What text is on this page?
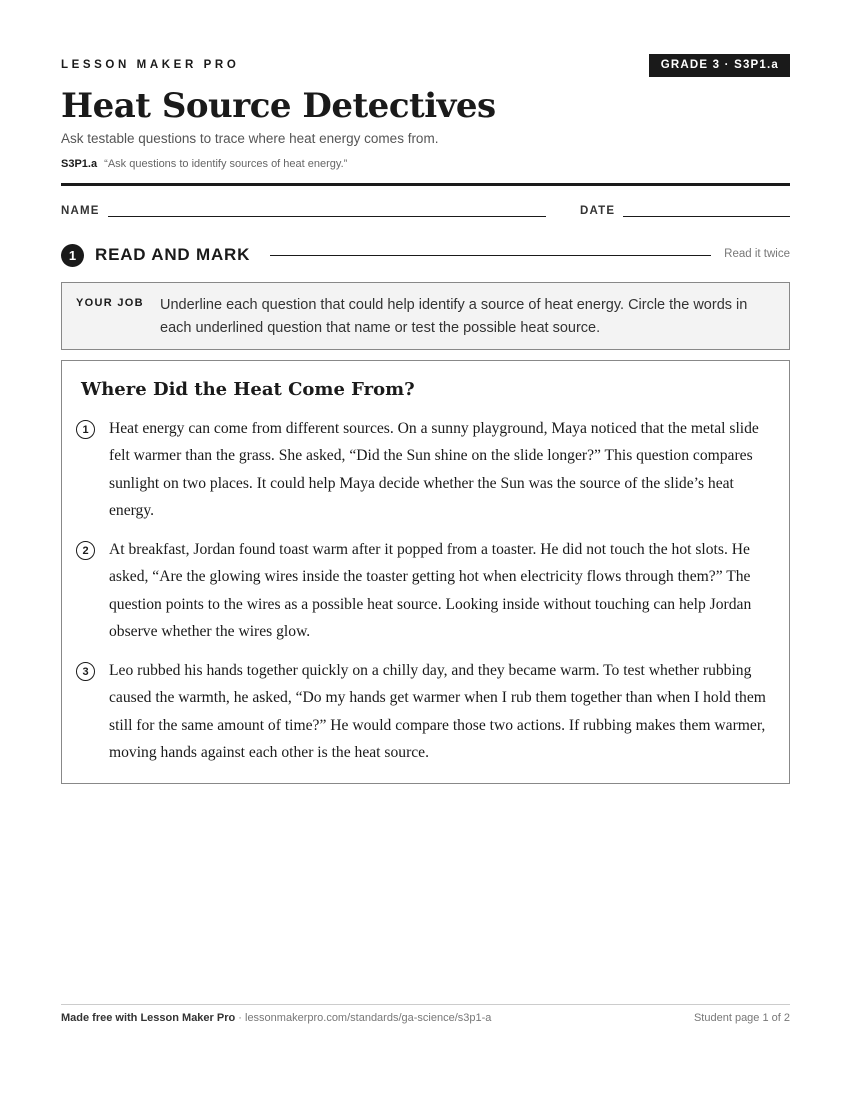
LESSON MAKER PRO	GRADE 3 · S3P1.a
Heat Source Detectives
Ask testable questions to trace where heat energy comes from.
S3P1.a “Ask questions to identify sources of heat energy.”
NAME	DATE
1	READ AND MARK	Read it twice
YOUR JOB Underline each question that could help identify a source of heat energy. Circle the words in each underlined question that name or test the possible heat source.
Where Did the Heat Come From?
1	Heat energy can come from different sources. On a sunny playground, Maya noticed that the metal slide felt warmer than the grass. She asked, “Did the Sun shine on the slide longer?” This question compares sunlight on two places. It could help Maya decide whether the Sun was the source of the slide’s heat energy.
2	At breakfast, Jordan found toast warm after it popped from a toaster. He did not touch the hot slots. He asked, “Are the glowing wires inside the toaster getting hot when electricity flows through them?” The question points to the wires as a possible heat source. Looking inside without touching can help Jordan observe whether the wires glow.
3	Leo rubbed his hands together quickly on a chilly day, and they became warm. To test whether rubbing caused the warmth, he asked, “Do my hands get warmer when I rub them together than when I hold them still for the same amount of time?” He would compare those two actions. If rubbing makes them warmer, moving hands against each other is the heat source.
Made free with Lesson Maker Pro · lessonmakerpro.com/standards/ga-science/s3p1-a	Student page 1 of 2
